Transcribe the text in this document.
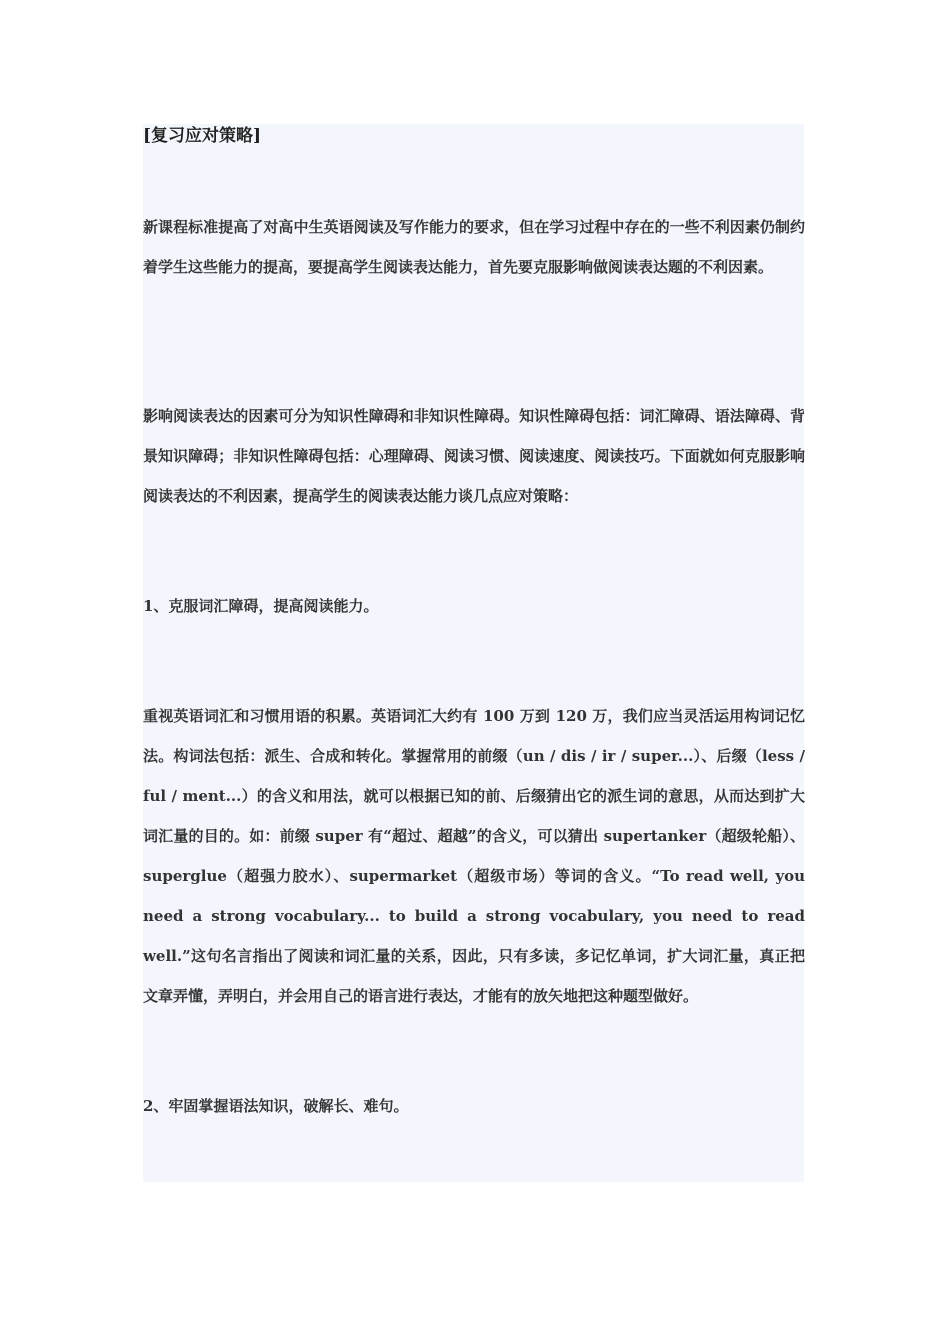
[复习应对策略]

新课程标准提高了对高中生英语阅读及写作能力的要求，但在学习过程中存在的一些不利因素仍制约着学生这些能力的提高，要提高学生阅读表达能力，首先要克服影响做阅读表达题的不利因素。

影响阅读表达的因素可分为知识性障碍和非知识性障碍。知识性障碍包括：词汇障碍、语法障碍、背景知识障碍；非知识性障碍包括：心理障碍、阅读习惯、阅读速度、阅读技巧。下面就如何克服影响阅读表达的不利因素，提高学生的阅读表达能力谈几点应对策略：

1、克服词汇障碍，提高阅读能力。

重视英语词汇和习惯用语的积累。英语词汇大约有 100 万到 120 万，我们应当灵活运用构词记忆法。构词法包括：派生、合成和转化。掌握常用的前缀（un / dis / ir / super...）、后缀（less / ful / ment...）的含义和用法，就可以根据已知的前、后缀猜出它的派生词的意思，从而达到扩大词汇量的目的。如：前缀 super 有“超过、超越”的含义，可以猜出 supertanker（超级轮船）、superglue（超强力胶水）、supermarket（超级市场）等词的含义。“To read well, you need a strong vocabulary... to build a strong vocabulary, you need to read well.”这句名言指出了阅读和词汇量的关系，因此，只有多读，多记忆单词，扩大词汇量，真正把文章弄懂，弄明白，并会用自己的语言进行表达，才能有的放矢地把这种题型做好。

2、牢固掌握语法知识，破解长、难句。
